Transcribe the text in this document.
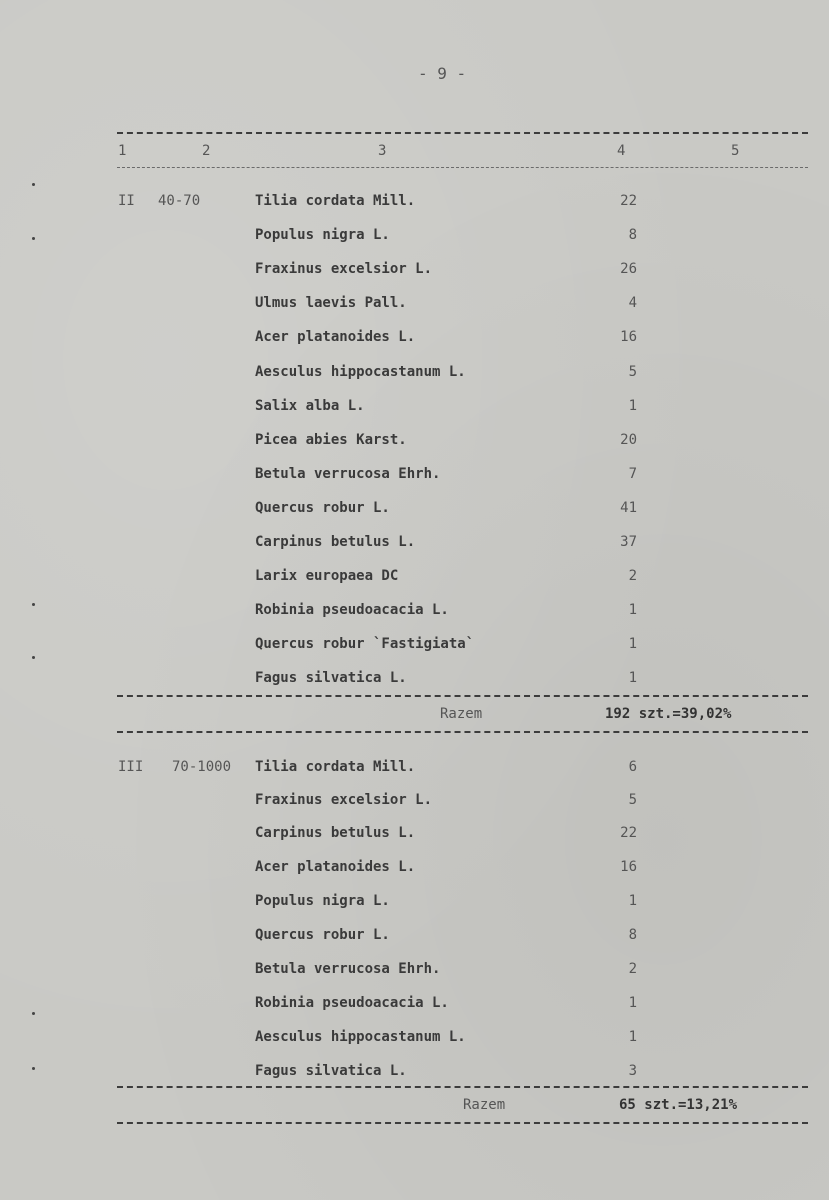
- 9 -
1	2	3	4	5
II 40-70	Tilia cordata Mill.	22
Populus nigra L.	8
Fraxinus excelsior L.	26
Ulmus laevis Pall.	4
Acer platanoides L.	16
Aesculus hippocastanum L.	5
Salix alba L.	1
Picea abies Karst.	20
Betula verrucosa Ehrh.	7
Quercus robur L.	41
Carpinus betulus L.	37
Larix europaea DC	2
Robinia pseudoacacia L.	1
Quercus robur `Fastigiata`	1
Fagus silvatica L.	1
Razem	192 szt.=39,02%
III 70-1000 Tilia cordata Mill.	6
Fraxinus excelsior L.	5
Carpinus betulus L.	22
Acer platanoides L.	16
Populus nigra L.	1
Quercus robur L.	8
Betula verrucosa Ehrh.	2
Robinia pseudoacacia L.	1
Aesculus hippocastanum L.	1
Fagus silvatica L.	3
Razem	65 szt.=13,21%
